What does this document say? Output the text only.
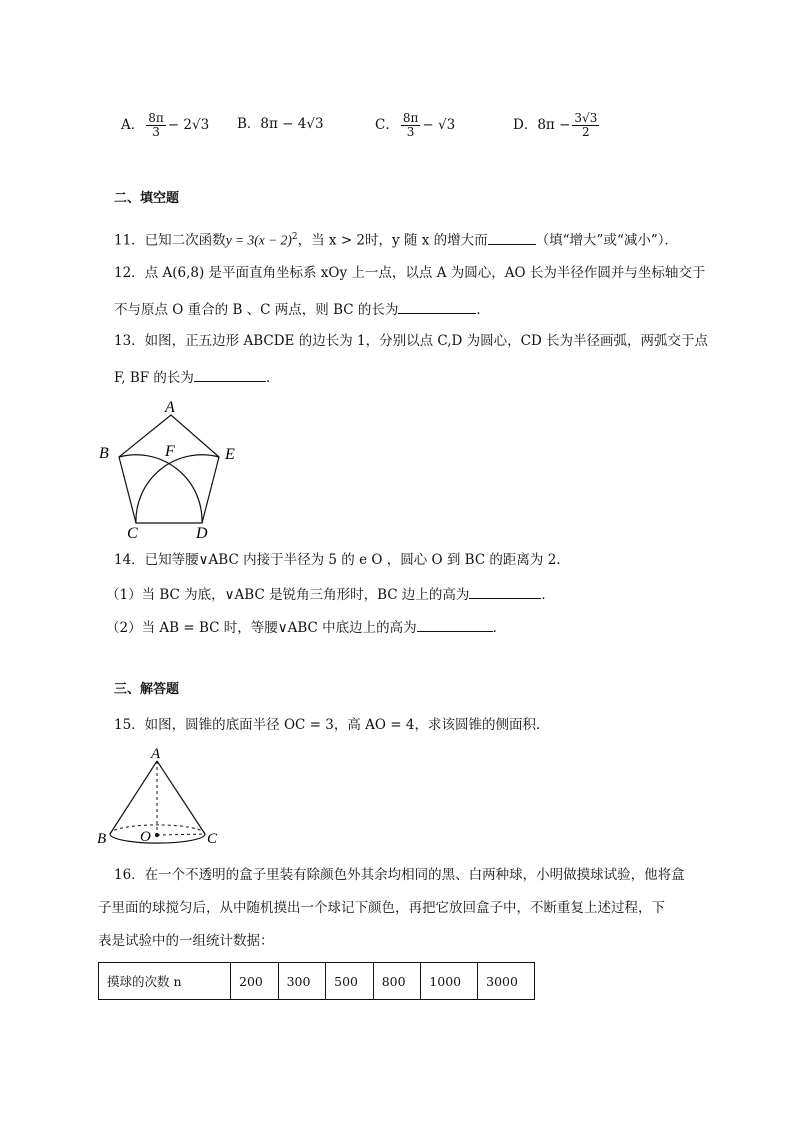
A． $\frac{8\pi}{3} - 2√3$ B．8π − 4√3	C． $\frac{8\pi}{3} - √3$	D．$8\pi - \frac{3√3}{2}$
二、填空题
11．已知二次函数$y = 3(x - 2)^2$，当 x > 2时，y 随 x 的增大而	（填“增大”或“减小”）．
12．点 A(6,8) 是平面直角坐标系 xOy 上一点，以点 A 为圆心，AO 长为半径作圆并与坐标轴交于
不与原点 O 重合的 B 、C 两点，则 BC 的长为	．
13．如图，正五边形 ABCDE 的边长为 1，分别以点 C,D 为圆心，CD 长为半径画弧，两弧交于点
F, BF 的长为	．
A
B	E
F
C	D
14．已知等腰∨ABC 内接于半径为 5 的 e O ，圆心 O 到 BC 的距离为 2．
（1）当 BC 为底，∨ABC 是锐角三角形时，BC 边上的高为	．
（2）当 AB = BC 时，等腰∨ABC 中底边上的高为	．
三、解答题
15．如图，圆锥的底面半径 OC = 3，高 AO = 4，求该圆锥的侧面积．
A
B O	C
16．在一个不透明的盒子里装有除颜色外其余均相同的黑、白两种球，小明做摸球试验，他将盒
子里面的球搅匀后，从中随机摸出一个球记下颜色，再把它放回盒子中，不断重复上述过程，下
表是试验中的一组统计数据：
摸球的次数 n	200	300	500	800	1000	3000
